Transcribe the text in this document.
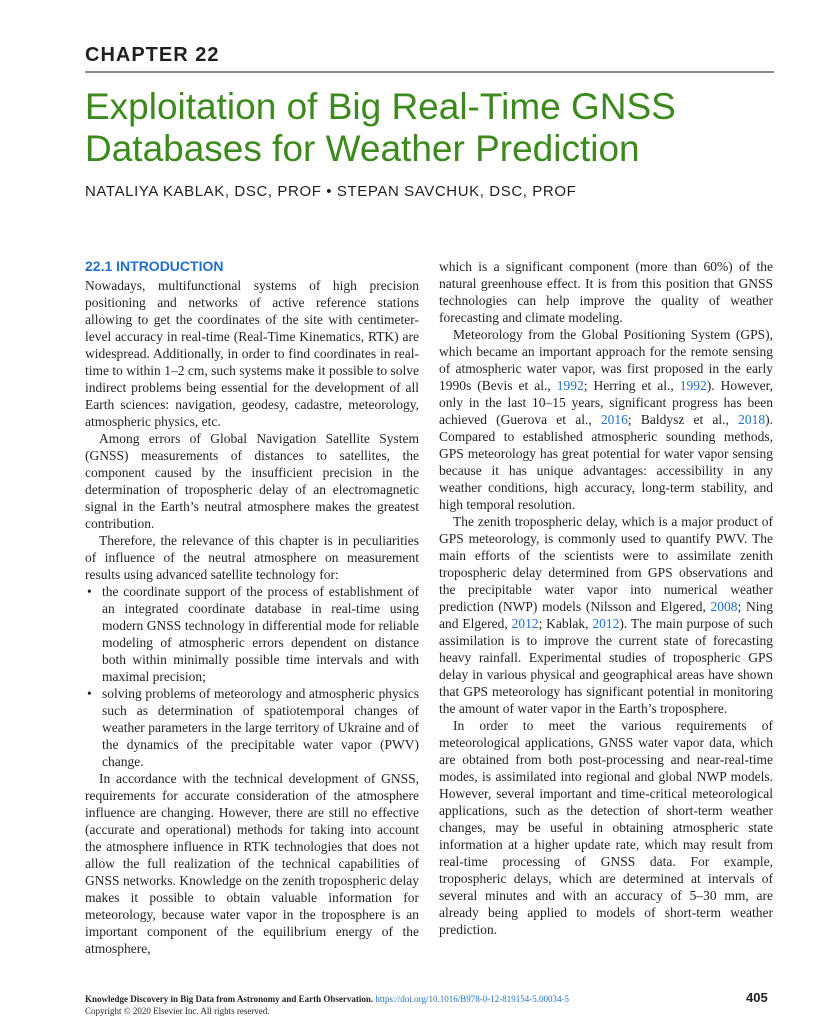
CHAPTER 22
Exploitation of Big Real-Time GNSS Databases for Weather Prediction
NATALIYA KABLAK, DSC, PROF • STEPAN SAVCHUK, DSC, PROF
22.1 INTRODUCTION

Nowadays, multifunctional systems of high precision positioning and networks of active reference stations allowing to get the coordinates of the site with centimeter-level accuracy in real-time (Real-Time Kinematics, RTK) are widespread. Additionally, in order to find coordinates in real-time to within 1–2 cm, such systems make it possible to solve indirect problems being essential for the development of all Earth sciences: navigation, geodesy, cadastre, meteorology, atmospheric physics, etc.

Among errors of Global Navigation Satellite System (GNSS) measurements of distances to satellites, the component caused by the insufficient precision in the determination of tropospheric delay of an electromagnetic signal in the Earth’s neutral atmosphere makes the greatest contribution.

Therefore, the relevance of this chapter is in peculiarities of influence of the neutral atmosphere on measurement results using advanced satellite technology for:

• the coordinate support of the process of establishment of an integrated coordinate database in real-time using modern GNSS technology in differential mode for reliable modeling of atmospheric errors dependent on distance both within minimally possible time intervals and with maximal precision;
• solving problems of meteorology and atmospheric physics such as determination of spatiotemporal changes of weather parameters in the large territory of Ukraine and of the dynamics of the precipitable water vapor (PWV) change.

In accordance with the technical development of GNSS, requirements for accurate consideration of the atmosphere influence are changing. However, there are still no effective (accurate and operational) methods for taking into account the atmosphere influence in RTK technologies that does not allow the full realization of the technical capabilities of GNSS networks. Knowledge on the zenith tropospheric delay makes it possible to obtain valuable information for meteorology, because water vapor in the troposphere is an important component of the equilibrium energy of the atmosphere,

which is a significant component (more than 60%) of the natural greenhouse effect. It is from this position that GNSS technologies can help improve the quality of weather forecasting and climate modeling.

Meteorology from the Global Positioning System (GPS), which became an important approach for the remote sensing of atmospheric water vapor, was first proposed in the early 1990s (Bevis et al., 1992; Herring et al., 1992). However, only in the last 10–15 years, significant progress has been achieved (Guerova et al., 2016; Baldysz et al., 2018). Compared to established atmospheric sounding methods, GPS meteorology has great potential for water vapor sensing because it has unique advantages: accessibility in any weather conditions, high accuracy, long-term stability, and high temporal resolution.

The zenith tropospheric delay, which is a major product of GPS meteorology, is commonly used to quantify PWV. The main efforts of the scientists were to assimilate zenith tropospheric delay determined from GPS observations and the precipitable water vapor into numerical weather prediction (NWP) models (Nilsson and Elgered, 2008; Ning and Elgered, 2012; Kablak, 2012). The main purpose of such assimilation is to improve the current state of forecasting heavy rainfall. Experimental studies of tropospheric GPS delay in various physical and geographical areas have shown that GPS meteorology has significant potential in monitoring the amount of water vapor in the Earth’s troposphere.

In order to meet the various requirements of meteorological applications, GNSS water vapor data, which are obtained from both post-processing and near-real-time modes, is assimilated into regional and global NWP models. However, several important and time-critical meteorological applications, such as the detection of short-term weather changes, may be useful in obtaining atmospheric state information at a higher update rate, which may result from real-time processing of GNSS data. For example, tropospheric delays, which are determined at intervals of several minutes and with an accuracy of 5–30 mm, are already being applied to models of short-term weather prediction.

Knowledge Discovery in Big Data from Astronomy and Earth Observation. https://doi.org/10.1016/B978-0-12-819154-5.00034-5
Copyright © 2020 Elsevier Inc. All rights reserved.
405
